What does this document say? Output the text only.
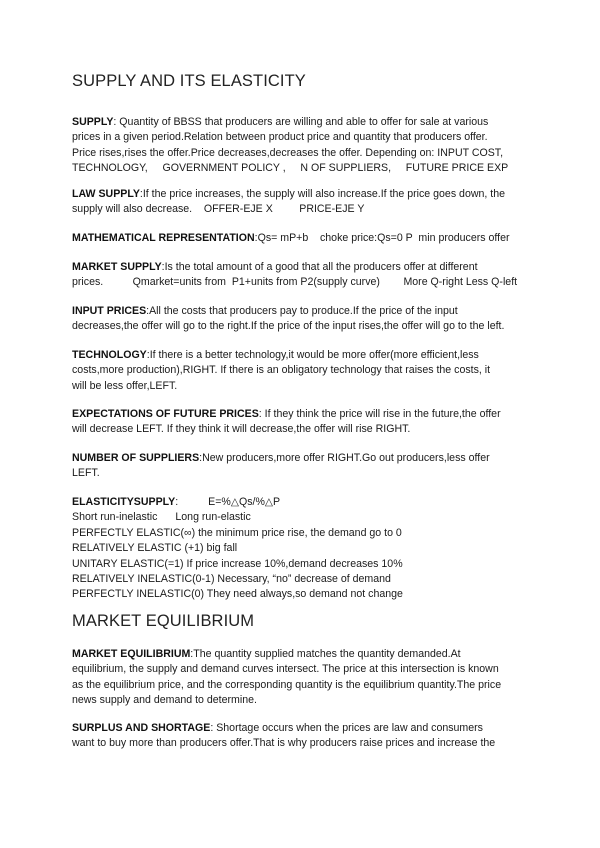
SUPPLY AND ITS ELASTICITY

SUPPLY: Quantity of BBSS that producers are willing and able to offer for sale at various

prices in a given period.Relation between product price and quantity that producers offer.

Price rises,rises the offer.Price decreases,decreases the offer. Depending on: INPUT COST,

TECHNOLOGY,     GOVERNMENT POLICY ,     N OF SUPPLIERS,     FUTURE PRICE EXP

LAW SUPPLY:If the price increases, the supply will also increase.If the price goes down, the

supply will also decrease.    OFFER-EJE X         PRICE-EJE Y

MATHEMATICAL REPRESENTATION:Qs= mP+b    choke price:Qs=0 P  min producers offer

MARKET SUPPLY:Is the total amount of a good that all the producers offer at different

prices.          Qmarket=units from  P1+units from P2(supply curve)        More Q-right Less Q-left

INPUT PRICES:All the costs that producers pay to produce.If the price of the input

decreases,the offer will go to the right.If the price of the input rises,the offer will go to the left.

TECHNOLOGY:If there is a better technology,it would be more offer(more efficient,less

costs,more production),RIGHT. If there is an obligatory technology that raises the costs, it

will be less offer,LEFT.

EXPECTATIONS OF FUTURE PRICES: If they think the price will rise in the future,the offer

will decrease LEFT. If they think it will decrease,the offer will rise RIGHT.

NUMBER OF SUPPLIERS:New producers,more offer RIGHT.Go out producers,less offer

LEFT.

ELASTICITYSUPPLY:	E=%△Qs/%△P

Short run-inelastic Long run-elastic

PERFECTLY ELASTIC(∞) the minimum price rise, the demand go to 0

RELATIVELY ELASTIC (+1) big fall

UNITARY ELASTIC(=1) If price increase 10%,demand decreases 10%

RELATIVELY INELASTIC(0-1) Necessary, “no” decrease of demand

PERFECTLY INELASTIC(0) They need always,so demand not change

MARKET EQUILIBRIUM

MARKET EQUILIBRIUM:The quantity supplied matches the quantity demanded.At

equilibrium, the supply and demand curves intersect. The price at this intersection is known

as the equilibrium price, and the corresponding quantity is the equilibrium quantity.The price

news supply and demand to determine.

SURPLUS AND SHORTAGE: Shortage occurs when the prices are law and consumers

want to buy more than producers offer.That is why producers raise prices and increase the
